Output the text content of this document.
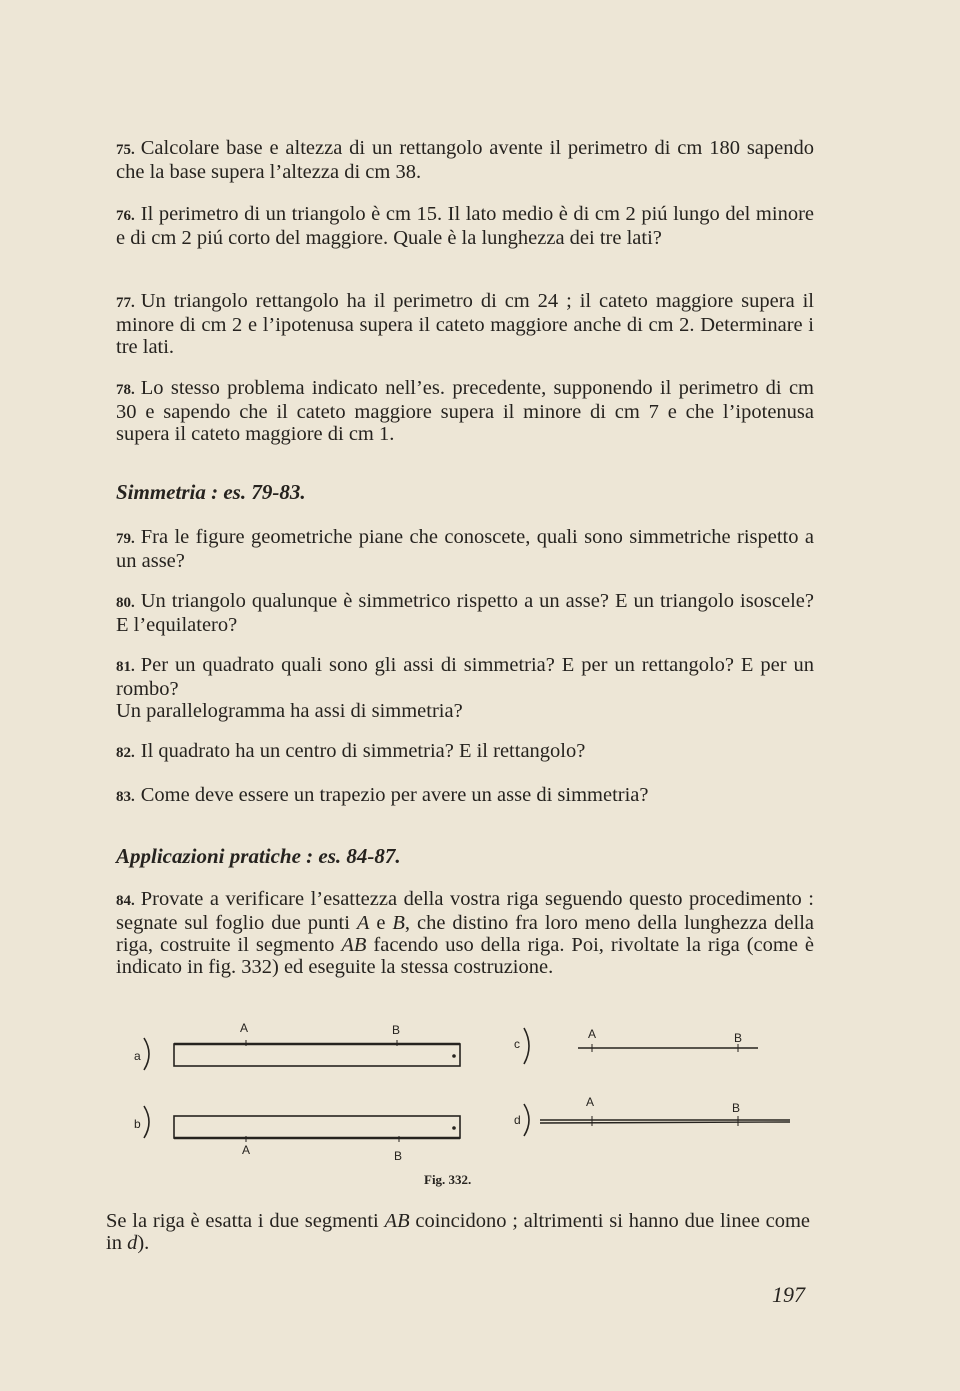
75. Calcolare base e altezza di un rettangolo avente il perimetro di cm 180 sapendo che la base supera l’altezza di cm 38.
76. Il perimetro di un triangolo è cm 15. Il lato medio è di cm 2 piú lungo del minore e di cm 2 piú corto del maggiore. Quale è la lunghezza dei tre lati?
77. Un triangolo rettangolo ha il perimetro di cm 24 ; il cateto maggiore supera il minore di cm 2 e l’ipotenusa supera il cateto maggiore anche di cm 2. Determinare i tre lati.
78. Lo stesso problema indicato nell’es. precedente, supponendo il perimetro di cm 30 e sapendo che il cateto maggiore supera il minore di cm 7 e che l’ipotenusa supera il cateto maggiore di cm 1.
Simmetria : es. 79-83.
79. Fra le figure geometriche piane che conoscete, quali sono simmetriche rispetto a un asse?
80. Un triangolo qualunque è simmetrico rispetto a un asse? E un triangolo isoscele? E l’equilatero?
81. Per un quadrato quali sono gli assi di simmetria? E per un rettangolo? E per un rombo?
Un parallelogramma ha assi di simmetria?
82. Il quadrato ha un centro di simmetria? E il rettangolo?
83. Come deve essere un trapezio per avere un asse di simmetria?
Applicazioni pratiche : es. 84-87.
84. Provate a verificare l’esattezza della vostra riga seguendo questo procedimento : segnate sul foglio due punti A e B, che distino fra loro meno della lunghezza della riga, costruite il segmento AB facendo uso della riga. Poi, rivoltate la riga (come è indicato in fig. 332) ed eseguite la stessa costruzione.
a
A	B
b
A	B
c
A	B
d
A	B
Fig. 332.
Se la riga è esatta i due segmenti AB coincidono ; altrimenti si hanno due linee come in d).
197
